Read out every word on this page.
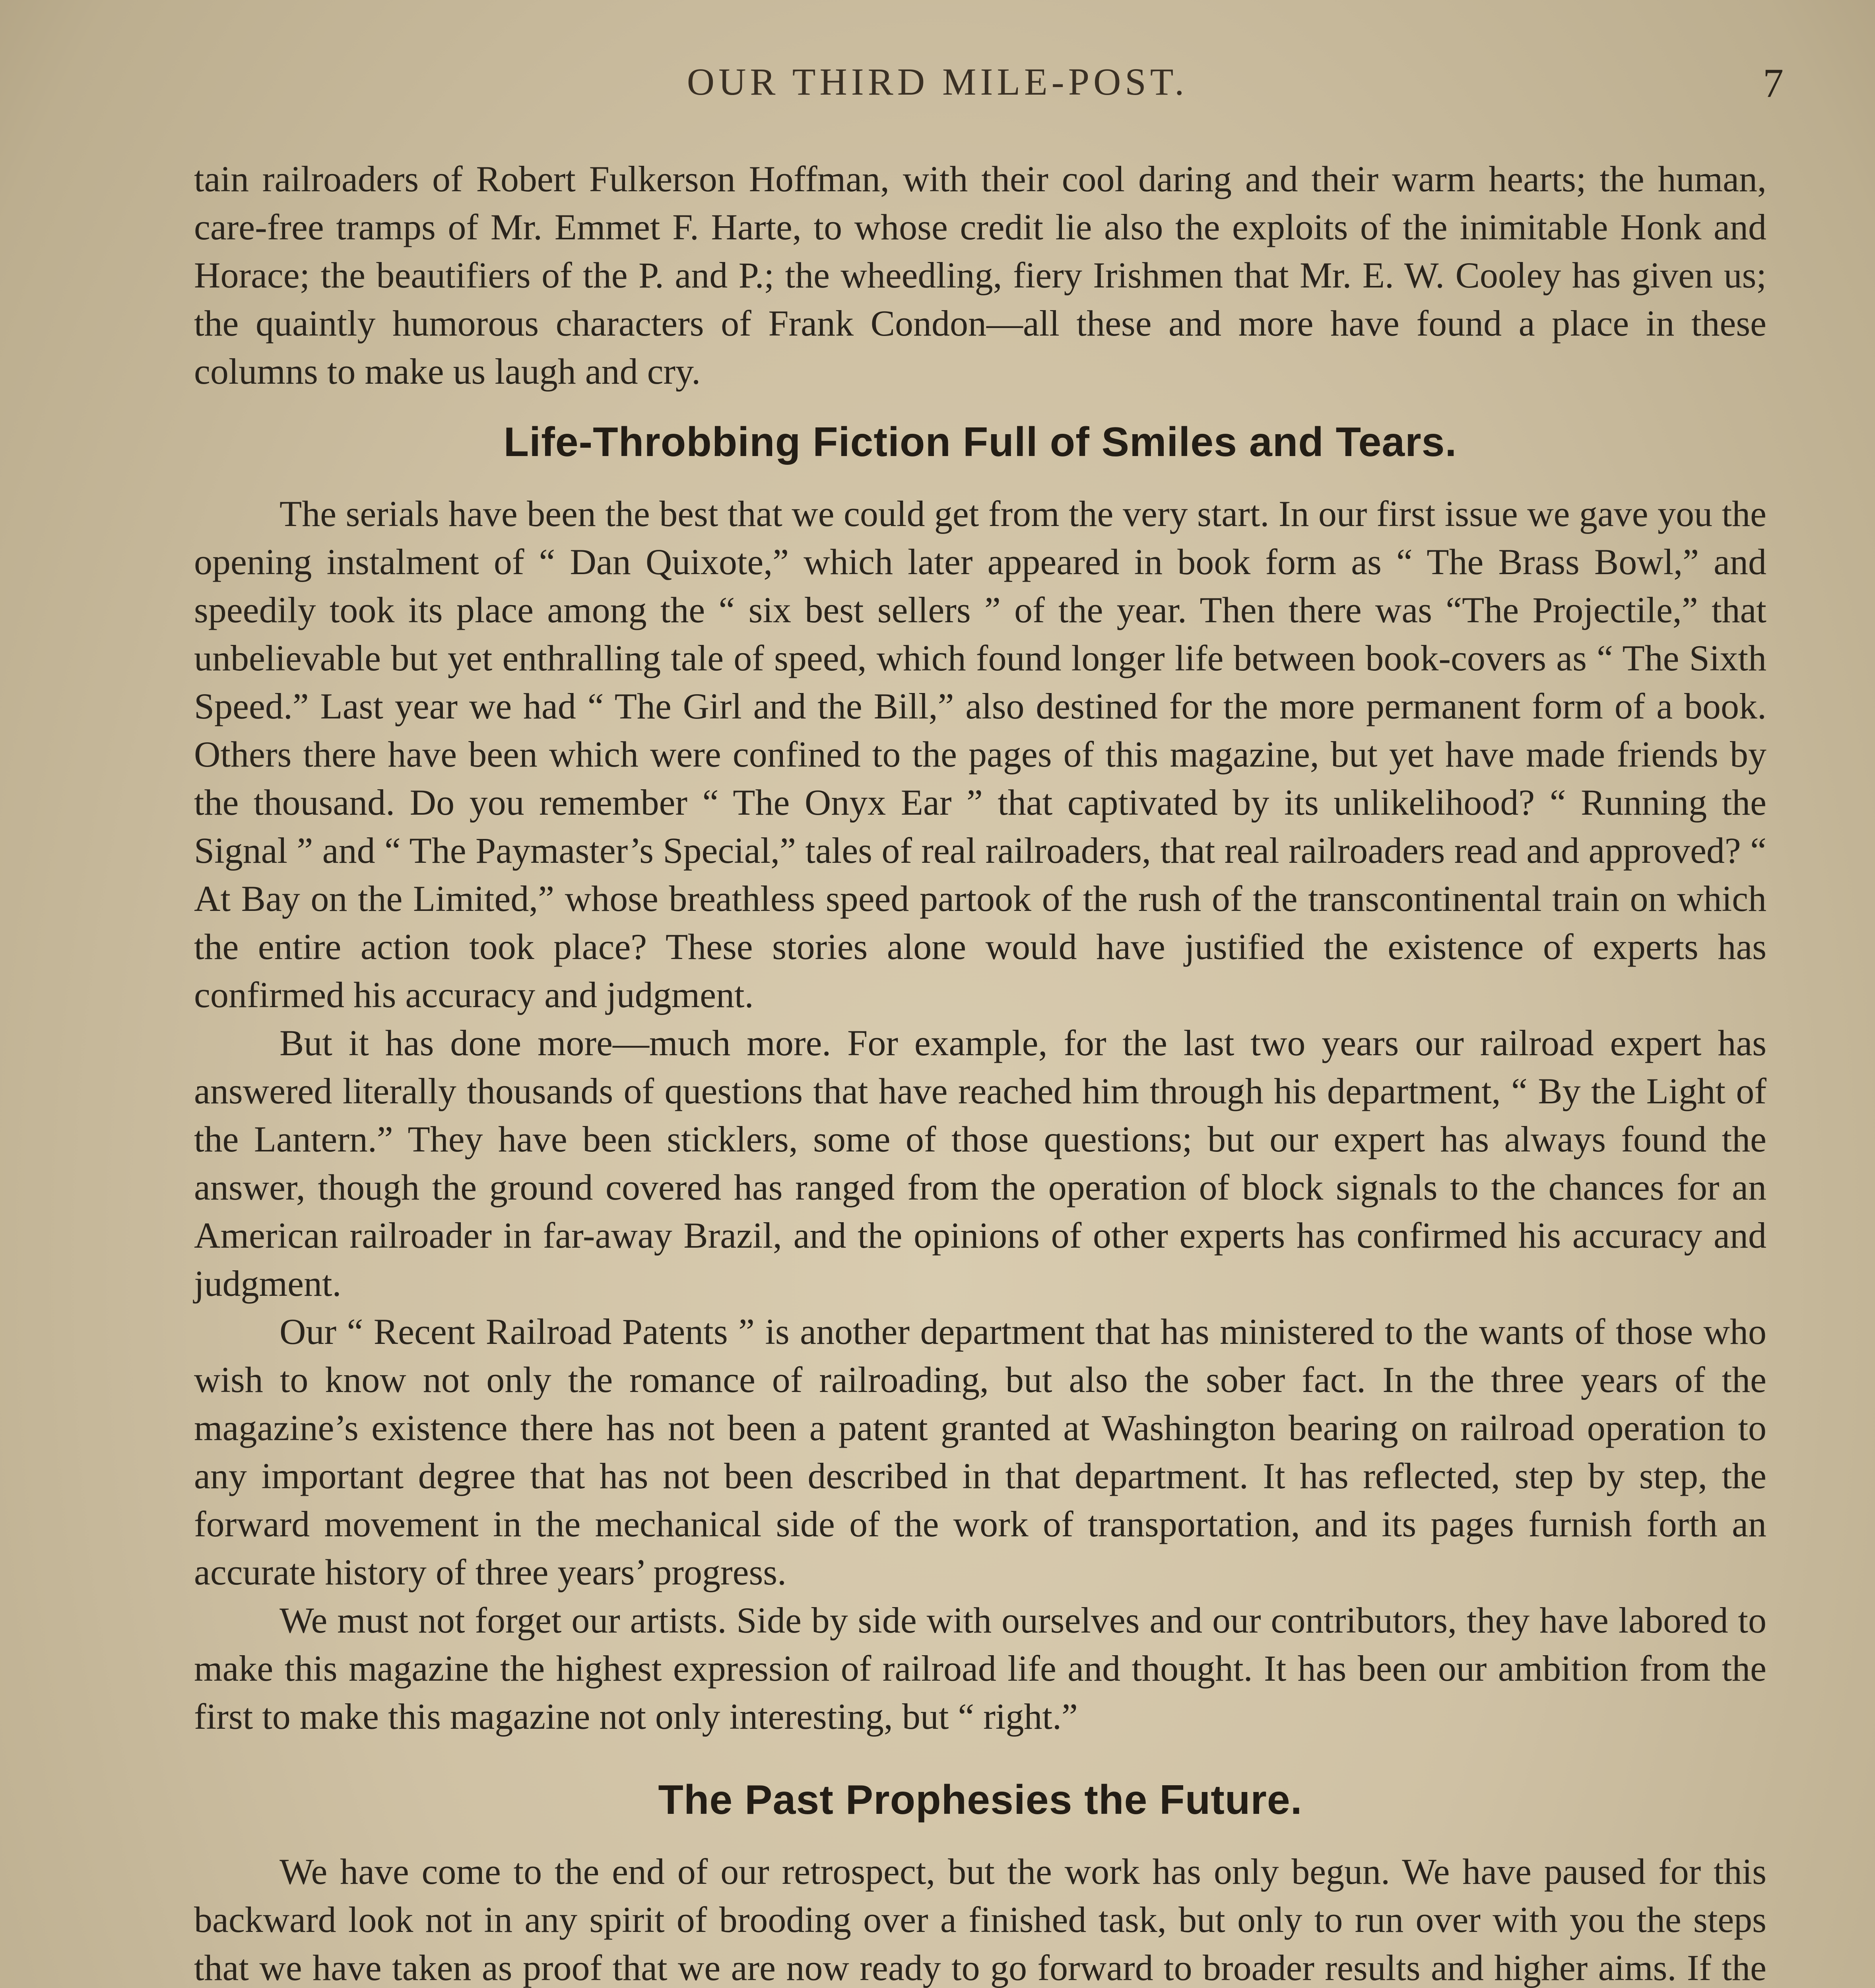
OUR THIRD MILE-POST.	7

tain railroaders of Robert Fulkerson Hoffman, with their cool daring and their warm hearts; the human, care-free tramps of Mr. Emmet F. Harte, to whose credit lie also the exploits of the inimitable Honk and Horace; the beautifiers of the P. and P.; the wheedling, fiery Irishmen that Mr. E. W. Cooley has given us; the quaintly humorous characters of Frank Condon—all these and more have found a place in these columns to make us laugh and cry.

Life-Throbbing Fiction Full of Smiles and Tears.

The serials have been the best that we could get from the very start. In our first issue we gave you the opening instalment of “ Dan Quixote,” which later appeared in book form as “ The Brass Bowl,” and speedily took its place among the “ six best sellers ” of the year. Then there was “The Projectile,” that unbelievable but yet enthralling tale of speed, which found longer life between book-covers as “ The Sixth Speed.” Last year we had “ The Girl and the Bill,” also destined for the more permanent form of a book. Others there have been which were confined to the pages of this magazine, but yet have made friends by the thousand. Do you remember “ The Onyx Ear ” that captivated by its unlikelihood? “ Running the Signal ” and “ The Paymaster’s Special,” tales of real railroaders, that real railroaders read and approved? “ At Bay on the Limited,” whose breathless speed partook of the rush of the transcontinental train on which the entire action took place? These stories alone would have justified the existence of experts has confirmed his accuracy and judgment.

But it has done more—much more. For example, for the last two years our railroad expert has answered literally thousands of questions that have reached him through his department, “ By the Light of the Lantern.” They have been sticklers, some of those questions; but our expert has always found the answer, though the ground covered has ranged from the operation of block signals to the chances for an American railroader in far-away Brazil, and the opinions of other experts has confirmed his accuracy and judgment.

Our “ Recent Railroad Patents ” is another department that has ministered to the wants of those who wish to know not only the romance of railroading, but also the sober fact. In the three years of the magazine’s existence there has not been a patent granted at Washington bearing on railroad operation to any important degree that has not been described in that department. It has reflected, step by step, the forward movement in the mechanical side of the work of transportation, and its pages furnish forth an accurate history of three years’ progress.

We must not forget our artists. Side by side with ourselves and our contributors, they have labored to make this magazine the highest expression of railroad life and thought. It has been our ambition from the first to make this magazine not only interesting, but “ right.”

The Past Prophesies the Future.

We have come to the end of our retrospect, but the work has only begun. We have paused for this backward look not in any spirit of brooding over a finished task, but only to run over with you the steps that we have taken as proof that we are now ready to go forward to broader results and higher aims. If the
